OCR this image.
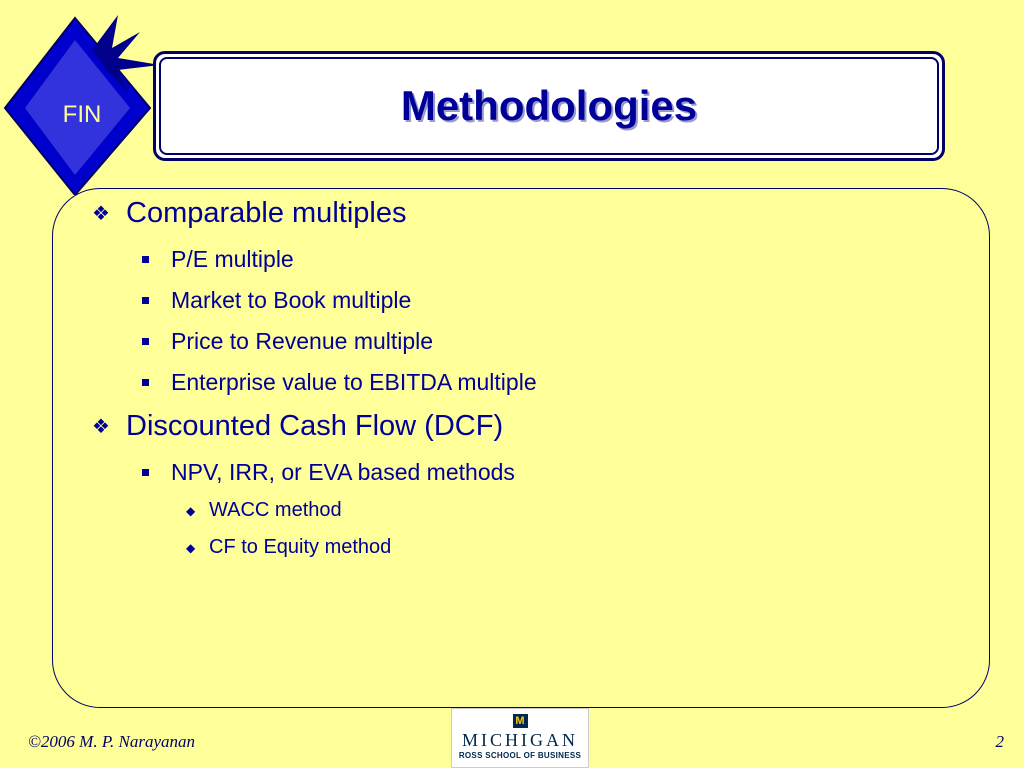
FIN	Methodologies
❖ Comparable multiples
P/E multiple
Market to Book multiple
Price to Revenue multiple
Enterprise value to EBITDA multiple
❖ Discounted Cash Flow (DCF)
NPV, IRR, or EVA based methods
◆ WACC method
◆ CF to Equity method
©2006 M. P. Narayanan
M
MICHIGAN
ROSS SCHOOL OF BUSINESS
2
